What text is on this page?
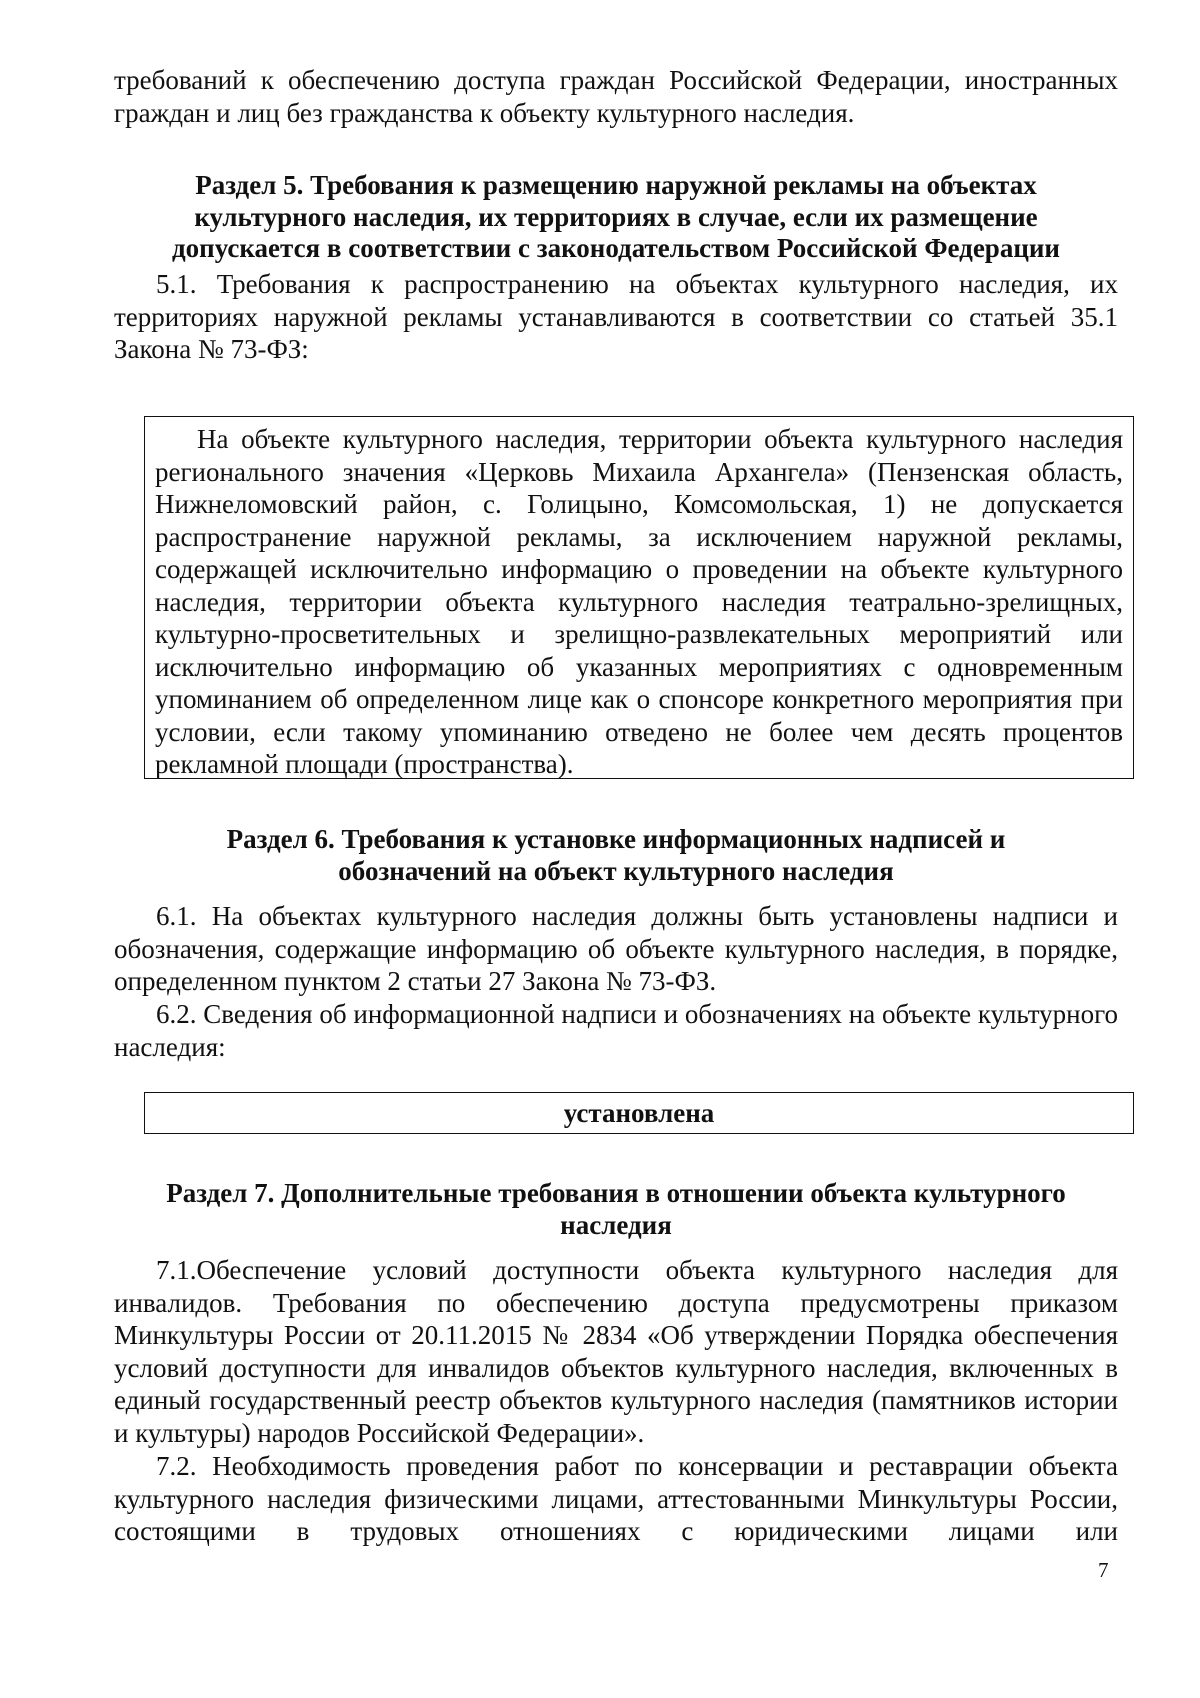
требований к обеспечению доступа граждан Российской Федерации, иностранных граждан и лиц без гражданства к объекту культурного наследия.

Раздел 5. Требования к размещению наружной рекламы на объектах культурного наследия, их территориях в случае, если их размещение допускается в соответствии с законодательством Российской Федерации

5.1. Требования к распространению на объектах культурного наследия, их территориях наружной рекламы устанавливаются в соответствии со статьей 35.1 Закона № 73-ФЗ:

На объекте культурного наследия, территории объекта культурного наследия регионального значения «Церковь Михаила Архангела» (Пензенская область, Нижнеломовский район, с. Голицыно, Комсомольская, 1) не допускается распространение наружной рекламы, за исключением наружной рекламы, содержащей исключительно информацию о проведении на объекте культурного наследия, территории объекта культурного наследия театрально-зрелищных, культурно-просветительных и зрелищно-развлекательных мероприятий или исключительно информацию об указанных мероприятиях с одновременным упоминанием об определенном лице как о спонсоре конкретного мероприятия при условии, если такому упоминанию отведено не более чем десять процентов рекламной площади (пространства).

Раздел 6. Требования к установке информационных надписей и обозначений на объект культурного наследия

6.1. На объектах культурного наследия должны быть установлены надписи и обозначения, содержащие информацию об объекте культурного наследия, в порядке, определенном пунктом 2 статьи 27 Закона № 73-ФЗ.

6.2. Сведения об информационной надписи и обозначениях на объекте культурного наследия:

установлена

Раздел 7. Дополнительные требования в отношении объекта культурного наследия

7.1.Обеспечение условий доступности объекта культурного наследия для инвалидов. Требования по обеспечению доступа предусмотрены приказом Минкультуры России от 20.11.2015 № 2834 «Об утверждении Порядка обеспечения условий доступности для инвалидов объектов культурного наследия, включенных в единый государственный реестр объектов культурного наследия (памятников истории и культуры) народов Российской Федерации».

7.2. Необходимость проведения работ по консервации и реставрации объекта культурного наследия физическими лицами, аттестованными Минкультуры России, состоящими в трудовых отношениях с юридическими лицами или

7
